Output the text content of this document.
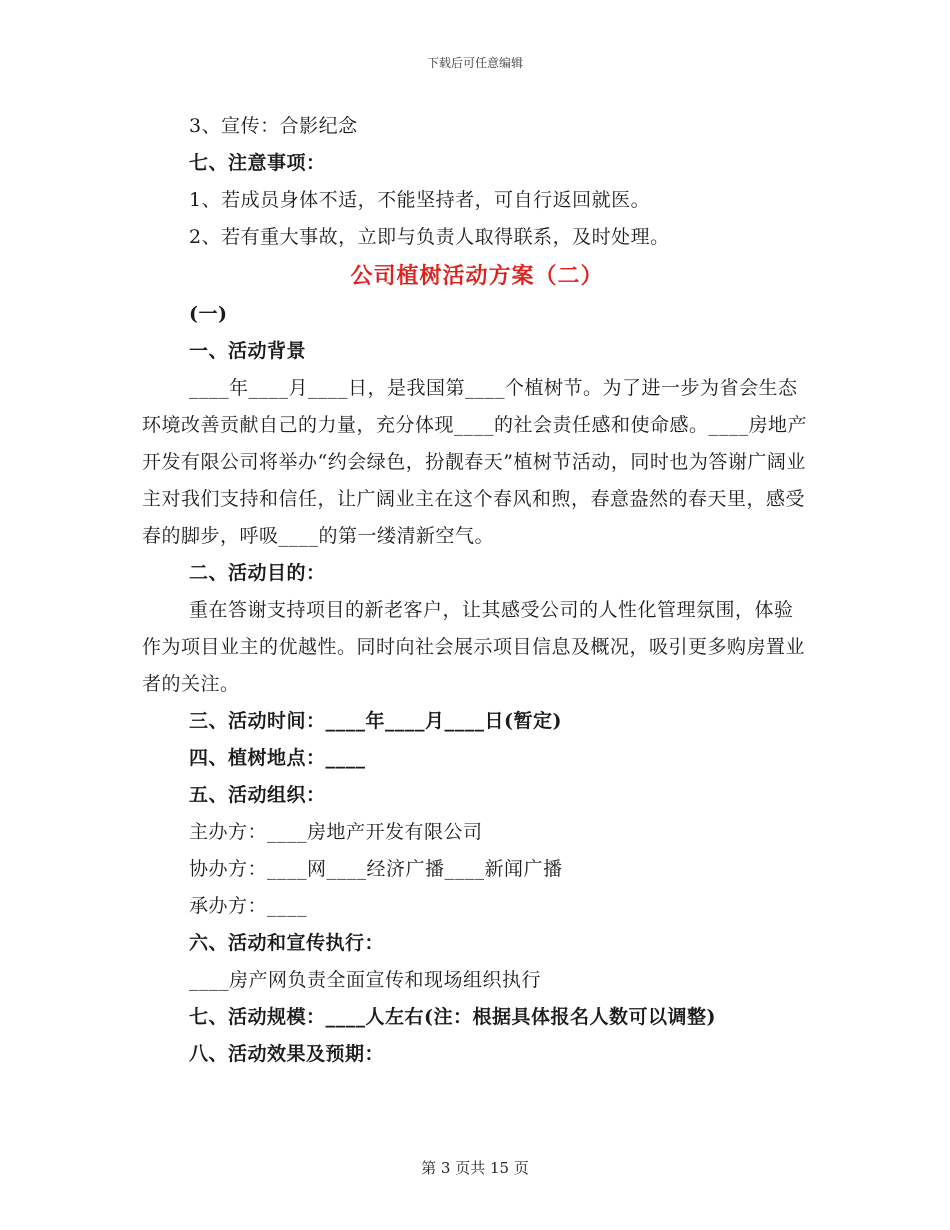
下载后可任意编辑
3、宣传：合影纪念
七、注意事项：
1、若成员身体不适，不能坚持者，可自行返回就医。
2、若有重大事故，立即与负责人取得联系，及时处理。
公司植树活动方案（二）
(一)
一、活动背景
____年____月____日，是我国第____个植树节。为了进一步为省会生态环境改善贡献自己的力量，充分体现____的社会责任感和使命感。____房地产开发有限公司将举办“约会绿色，扮靓春天”植树节活动，同时也为答谢广阔业主对我们支持和信任，让广阔业主在这个春风和煦，春意盎然的春天里，感受春的脚步，呼吸____的第一缕清新空气。
二、活动目的：
重在答谢支持项目的新老客户，让其感受公司的人性化管理氛围，体验作为项目业主的优越性。同时向社会展示项目信息及概况，吸引更多购房置业者的关注。
三、活动时间：____年____月____日(暂定)
四、植树地点：____
五、活动组织：
主办方：____房地产开发有限公司
协办方：____网____经济广播____新闻广播
承办方：____
六、活动和宣传执行：
____房产网负责全面宣传和现场组织执行
七、活动规模：____人左右(注：根据具体报名人数可以调整)
八、活动效果及预期：
第 3 页共 15 页
